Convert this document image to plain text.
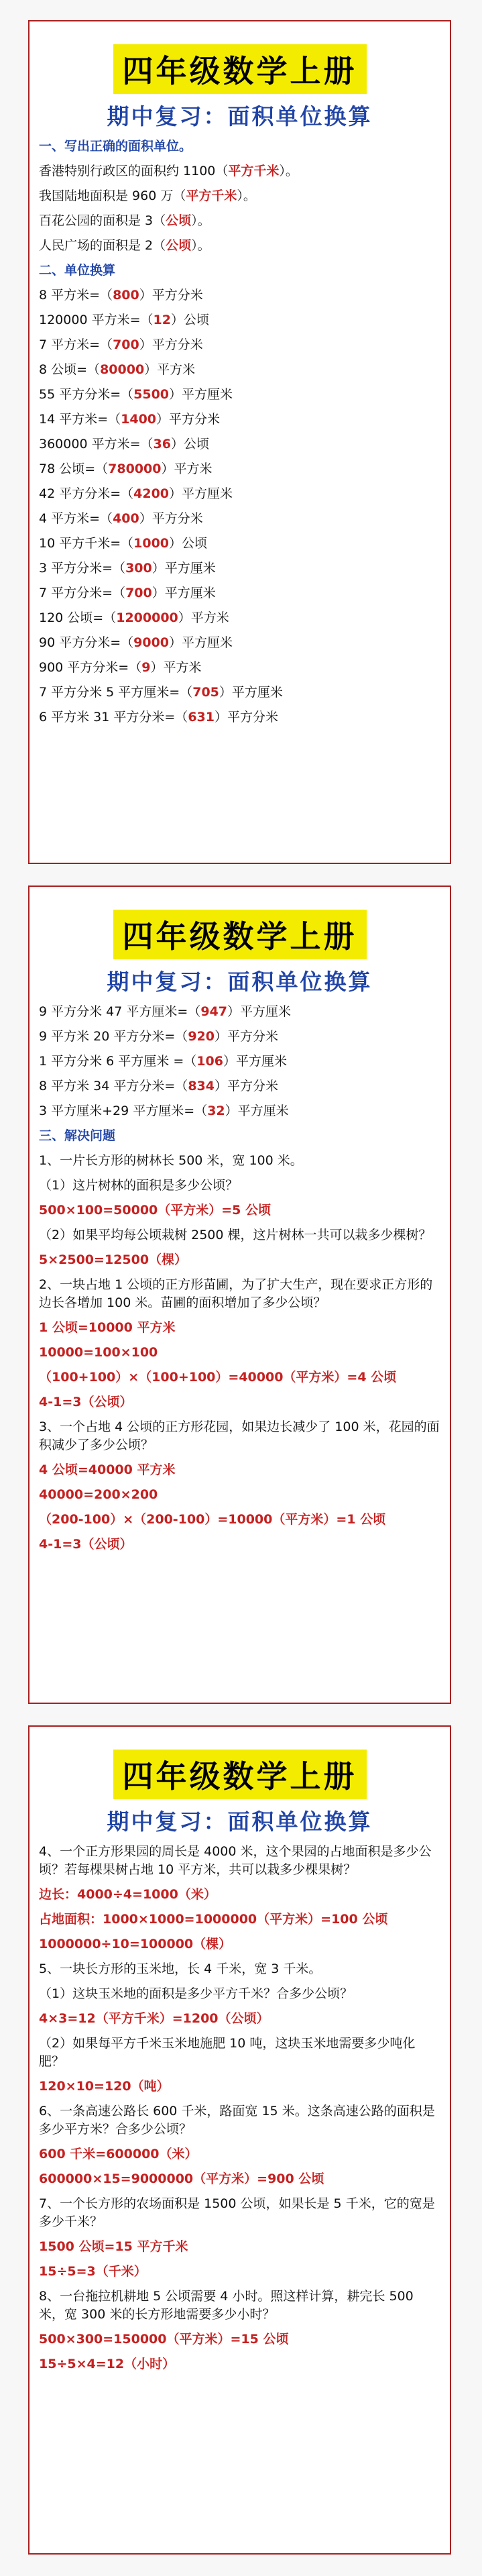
四年级数学上册
期中复习：面积单位换算
一、写出正确的面积单位。
香港特别行政区的面积约 1100（平方千米）。
我国陆地面积是 960 万（平方千米）。
百花公园的面积是 3（公顷）。
人民广场的面积是 2（公顷）。
二、单位换算
8 平方米=（800）平方分米
120000 平方米=（12）公顷
7 平方米=（700）平方分米
8 公顷=（80000）平方米
55 平方分米=（5500）平方厘米
14 平方米=（1400）平方分米
360000 平方米=（36）公顷
78 公顷=（780000）平方米
42 平方分米=（4200）平方厘米
4 平方米=（400）平方分米
10 平方千米=（1000）公顷
3 平方分米=（300）平方厘米
7 平方分米=（700）平方厘米
120 公顷=（1200000）平方米
90 平方分米=（9000）平方厘米
900 平方分米=（9）平方米
7 平方分米 5 平方厘米=（705）平方厘米
6 平方米 31 平方分米=（631）平方分米
四年级数学上册
期中复习：面积单位换算
9 平方分米 47 平方厘米=（947）平方厘米
9 平方米 20 平方分米=（920）平方分米
1 平方分米 6 平方厘米 =（106）平方厘米
8 平方米 34 平方分米=（834）平方分米
3 平方厘米+29 平方厘米=（32）平方厘米
三、解决问题
1、一片长方形的树林长 500 米，宽 100 米。
（1）这片树林的面积是多少公顷？
500×100=50000（平方米）=5 公顷
（2）如果平均每公顷栽树 2500 棵，这片树林一共可以栽多少棵树？
5×2500=12500（棵）
2、一块占地 1 公顷的正方形苗圃，为了扩大生产，现在要求正方形的边长各增加 100 米。苗圃的面积增加了多少公顷？
1 公顷=10000 平方米
10000=100×100
（100+100）×（100+100）=40000（平方米）=4 公顷
4-1=3（公顷）
3、一个占地 4 公顷的正方形花园，如果边长减少了 100 米，花园的面积减少了多少公顷？
4 公顷=40000 平方米
40000=200×200
（200-100）×（200-100）=10000（平方米）=1 公顷
4-1=3（公顷）
四年级数学上册
期中复习：面积单位换算
4、一个正方形果园的周长是 4000 米，这个果园的占地面积是多少公顷？若每棵果树占地 10 平方米，共可以栽多少棵果树？
边长：4000÷4=1000（米）
占地面积：1000×1000=1000000（平方米）=100 公顷
1000000÷10=100000（棵）
5、一块长方形的玉米地，长 4 千米，宽 3 千米。
（1）这块玉米地的面积是多少平方千米？合多少公顷？
4×3=12（平方千米）=1200（公顷）
（2）如果每平方千米玉米地施肥 10 吨，这块玉米地需要多少吨化肥？
120×10=120（吨）
6、一条高速公路长 600 千米，路面宽 15 米。这条高速公路的面积是多少平方米？合多少公顷？
600 千米=600000（米）
600000×15=9000000（平方米）=900 公顷
7、一个长方形的农场面积是 1500 公顷，如果长是 5 千米，它的宽是多少千米？
1500 公顷=15 平方千米
15÷5=3（千米）
8、一台拖拉机耕地 5 公顷需要 4 小时。照这样计算，耕完长 500 米，宽 300 米的长方形地需要多少小时？
500×300=150000（平方米）=15 公顷
15÷5×4=12（小时）
